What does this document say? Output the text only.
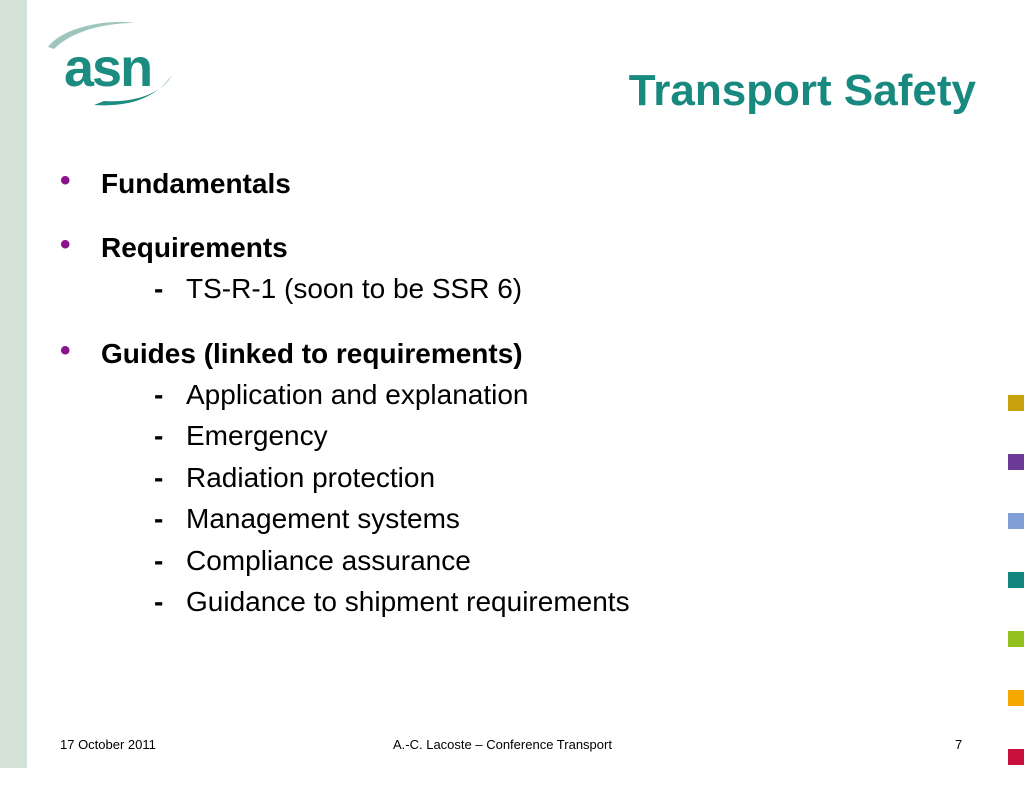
asn	Transport Safety
• Fundamentals
• Requirements
- TS-R-1 (soon to be SSR 6)
• Guides (linked to requirements)
- Application and explanation
- Emergency
- Radiation protection
- Management systems
- Compliance assurance
- Guidance to shipment requirements
17 October 2011	A.-C. Lacoste – Conference Transport	7
